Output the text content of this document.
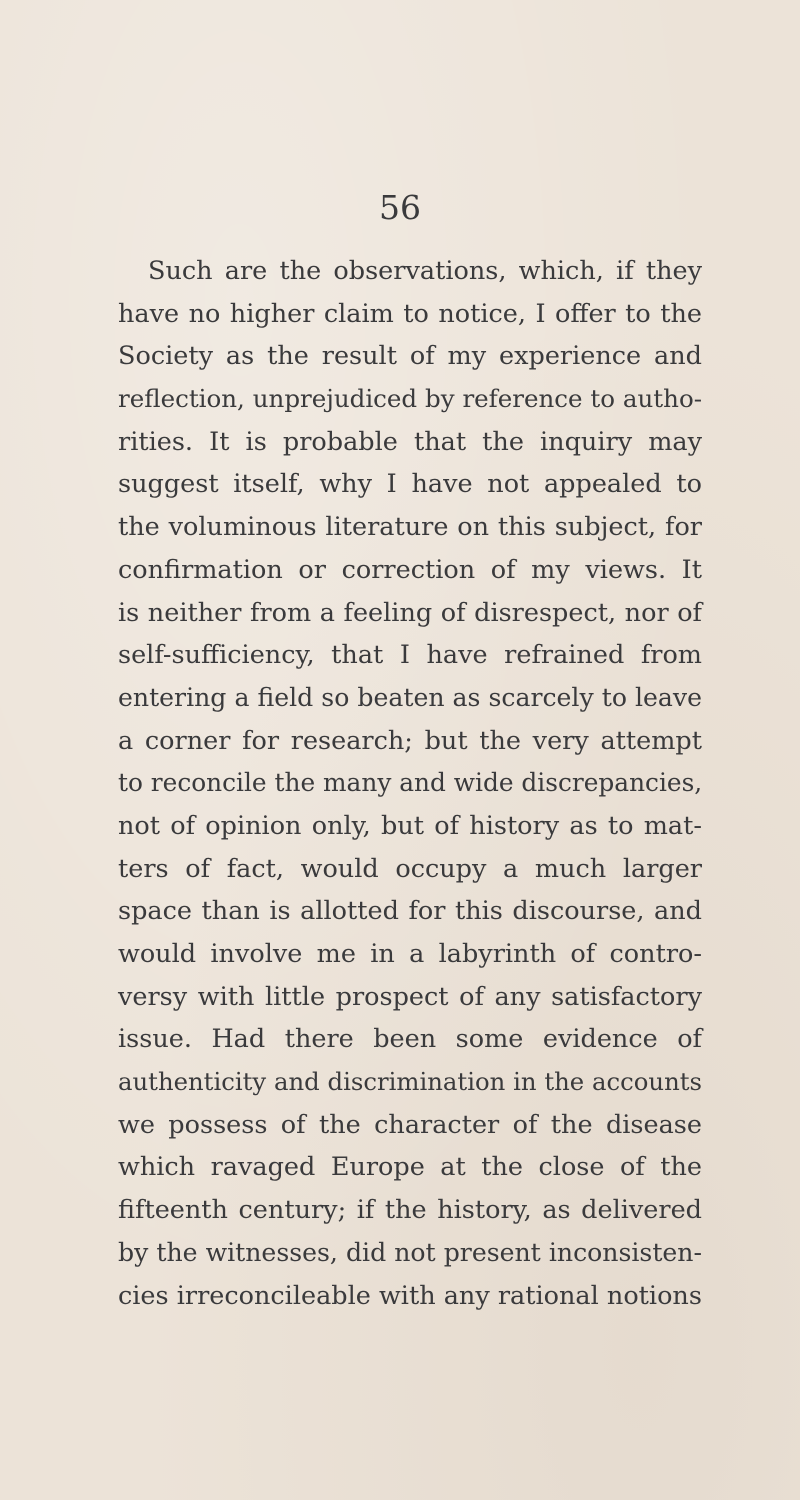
56
Such are the observations, which, if they
have no higher claim to notice, I offer to the
Society as the result of my experience and
reflection, unprejudiced by reference to autho-
rities. It is probable that the inquiry may
suggest itself, why I have not appealed to
the voluminous literature on this subject, for
confirmation or correction of my views. It
is neither from a feeling of disrespect, nor of
self-sufficiency, that I have refrained from
entering a field so beaten as scarcely to leave
a corner for research; but the very attempt
to reconcile the many and wide discrepancies,
not of opinion only, but of history as to mat-
ters of fact, would occupy a much larger
space than is allotted for this discourse, and
would involve me in a labyrinth of contro-
versy with little prospect of any satisfactory
issue. Had there been some evidence of
authenticity and discrimination in the accounts
we possess of the character of the disease
which ravaged Europe at the close of the
fifteenth century; if the history, as delivered
by the witnesses, did not present inconsisten-
cies irreconcileable with any rational notions
